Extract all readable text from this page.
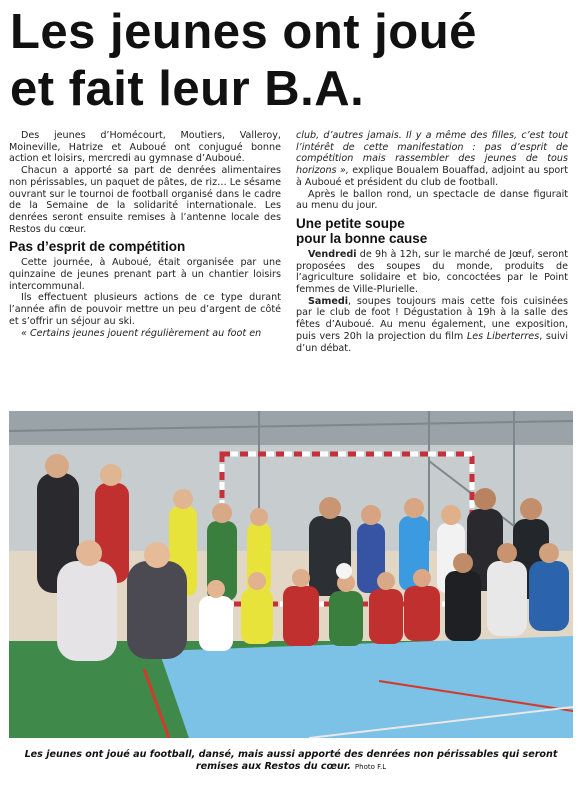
Les jeunes ont joué
et fait leur B.A.

Des jeunes d’Homécourt, Moutiers, Valleroy, Moineville, Hatrize et Auboué ont conjugué bonne action et loisirs, mercredi au gymnase d’Auboué.

Chacun a apporté sa part de denrées alimentaires non périssables, un paquet de pâtes, de riz… Le sésame ouvrant sur le tournoi de football organisé dans le cadre de la Semaine de la solidarité internationale. Les denrées seront ensuite remises à l’antenne locale des Restos du cœur.

Pas d’esprit de compétition

Cette journée, à Auboué, était organisée par une quinzaine de jeunes prenant part à un chantier loisirs intercommunal.

Ils effectuent plusieurs actions de ce type durant l’année afin de pouvoir mettre un peu d’argent de côté et s’offrir un séjour au ski.

« Certains jeunes jouent régulièrement au foot en

club, d’autres jamais. Il y a même des filles, c’est tout l’intérêt de cette manifestation : pas d’esprit de compétition mais rassembler des jeunes de tous horizons », explique Boualem Bouaffad, adjoint au sport à Auboué et président du club de football.

Après le ballon rond, un spectacle de danse figurait au menu du jour.

Une petite soupe
pour la bonne cause

Vendredi de 9h à 12h, sur le marché de Jœuf, seront proposées des soupes du monde, produits de l’agriculture solidaire et bio, concoctées par le Point femmes de Ville-Plurielle.

Samedi, soupes toujours mais cette fois cuisinées par le club de foot ! Dégustation à 19h à la salle des fêtes d’Auboué. Au menu également, une exposition, puis vers 20h la projection du film Les Liberterres, suivi d’un débat.

Les jeunes ont joué au football, dansé, mais aussi apporté des denrées non périssables qui seront remises aux Restos du cœur. Photo F.L
